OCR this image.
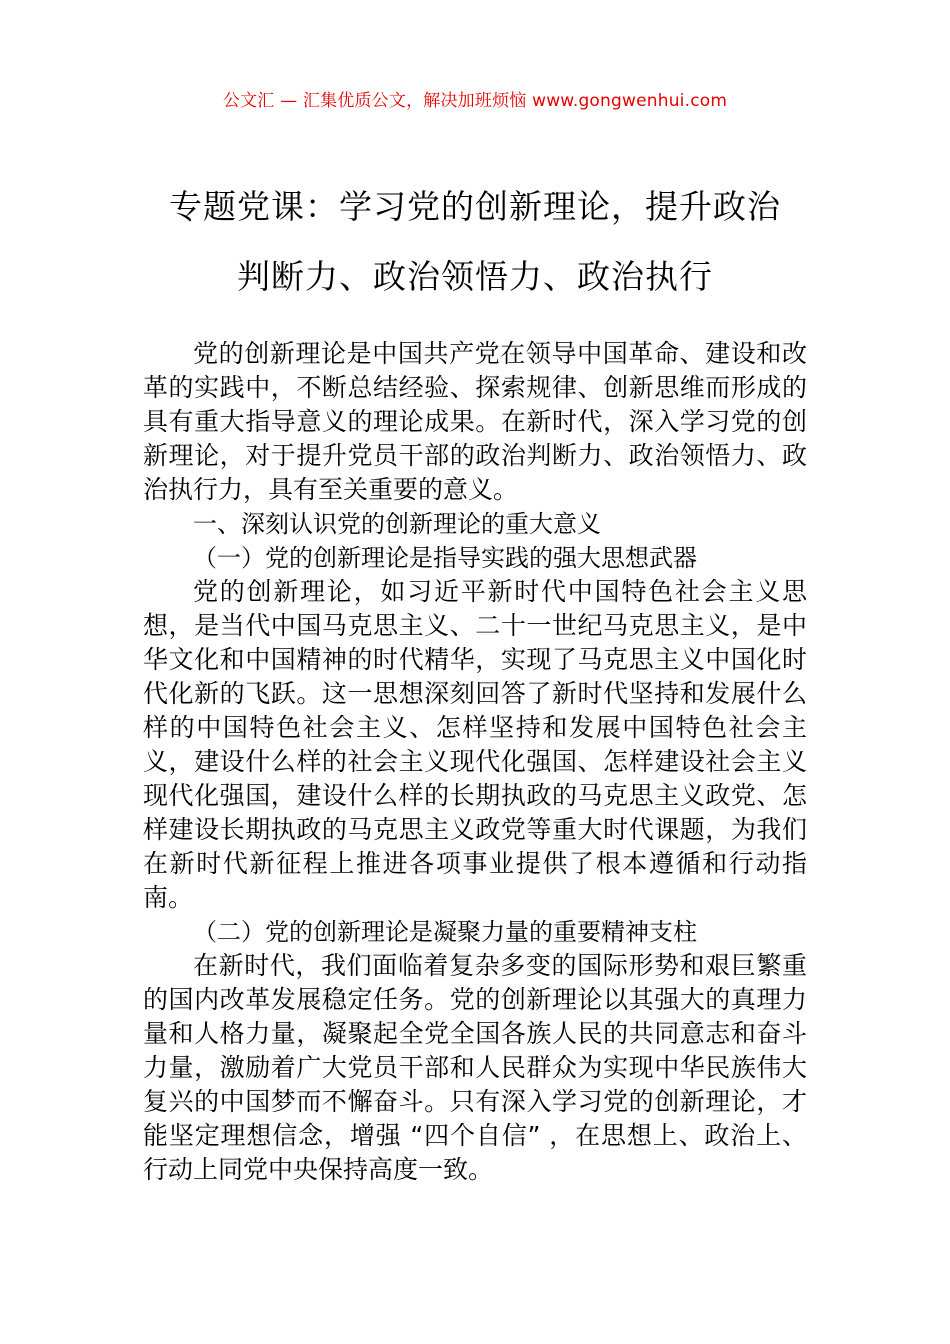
公文汇 — 汇集优质公文，解决加班烦恼 www.gongwenhui.com
专题党课：学习党的创新理论，提升政治
判断力、政治领悟力、政治执行

党的创新理论是中国共产党在领导中国革命、建设和改革的实践中，不断总结经验、探索规律、创新思维而形成的具有重大指导意义的理论成果。在新时代，深入学习党的创新理论，对于提升党员干部的政治判断力、政治领悟力、政治执行力，具有至关重要的意义。

一、深刻认识党的创新理论的重大意义

（一）党的创新理论是指导实践的强大思想武器

党的创新理论，如习近平新时代中国特色社会主义思想，是当代中国马克思主义、二十一世纪马克思主义，是中华文化和中国精神的时代精华，实现了马克思主义中国化时代化新的飞跃。这一思想深刻回答了新时代坚持和发展什么样的中国特色社会主义、怎样坚持和发展中国特色社会主义，建设什么样的社会主义现代化强国、怎样建设社会主义现代化强国，建设什么样的长期执政的马克思主义政党、怎样建设长期执政的马克思主义政党等重大时代课题，为我们在新时代新征程上推进各项事业提供了根本遵循和行动指南。

（二）党的创新理论是凝聚力量的重要精神支柱

在新时代，我们面临着复杂多变的国际形势和艰巨繁重的国内改革发展稳定任务。党的创新理论以其强大的真理力量和人格力量，凝聚起全党全国各族人民的共同意志和奋斗力量，激励着广大党员干部和人民群众为实现中华民族伟大复兴的中国梦而不懈奋斗。只有深入学习党的创新理论，才能坚定理想信念，增强 “四个自信” ，在思想上、政治上、行动上同党中央保持高度一致。
